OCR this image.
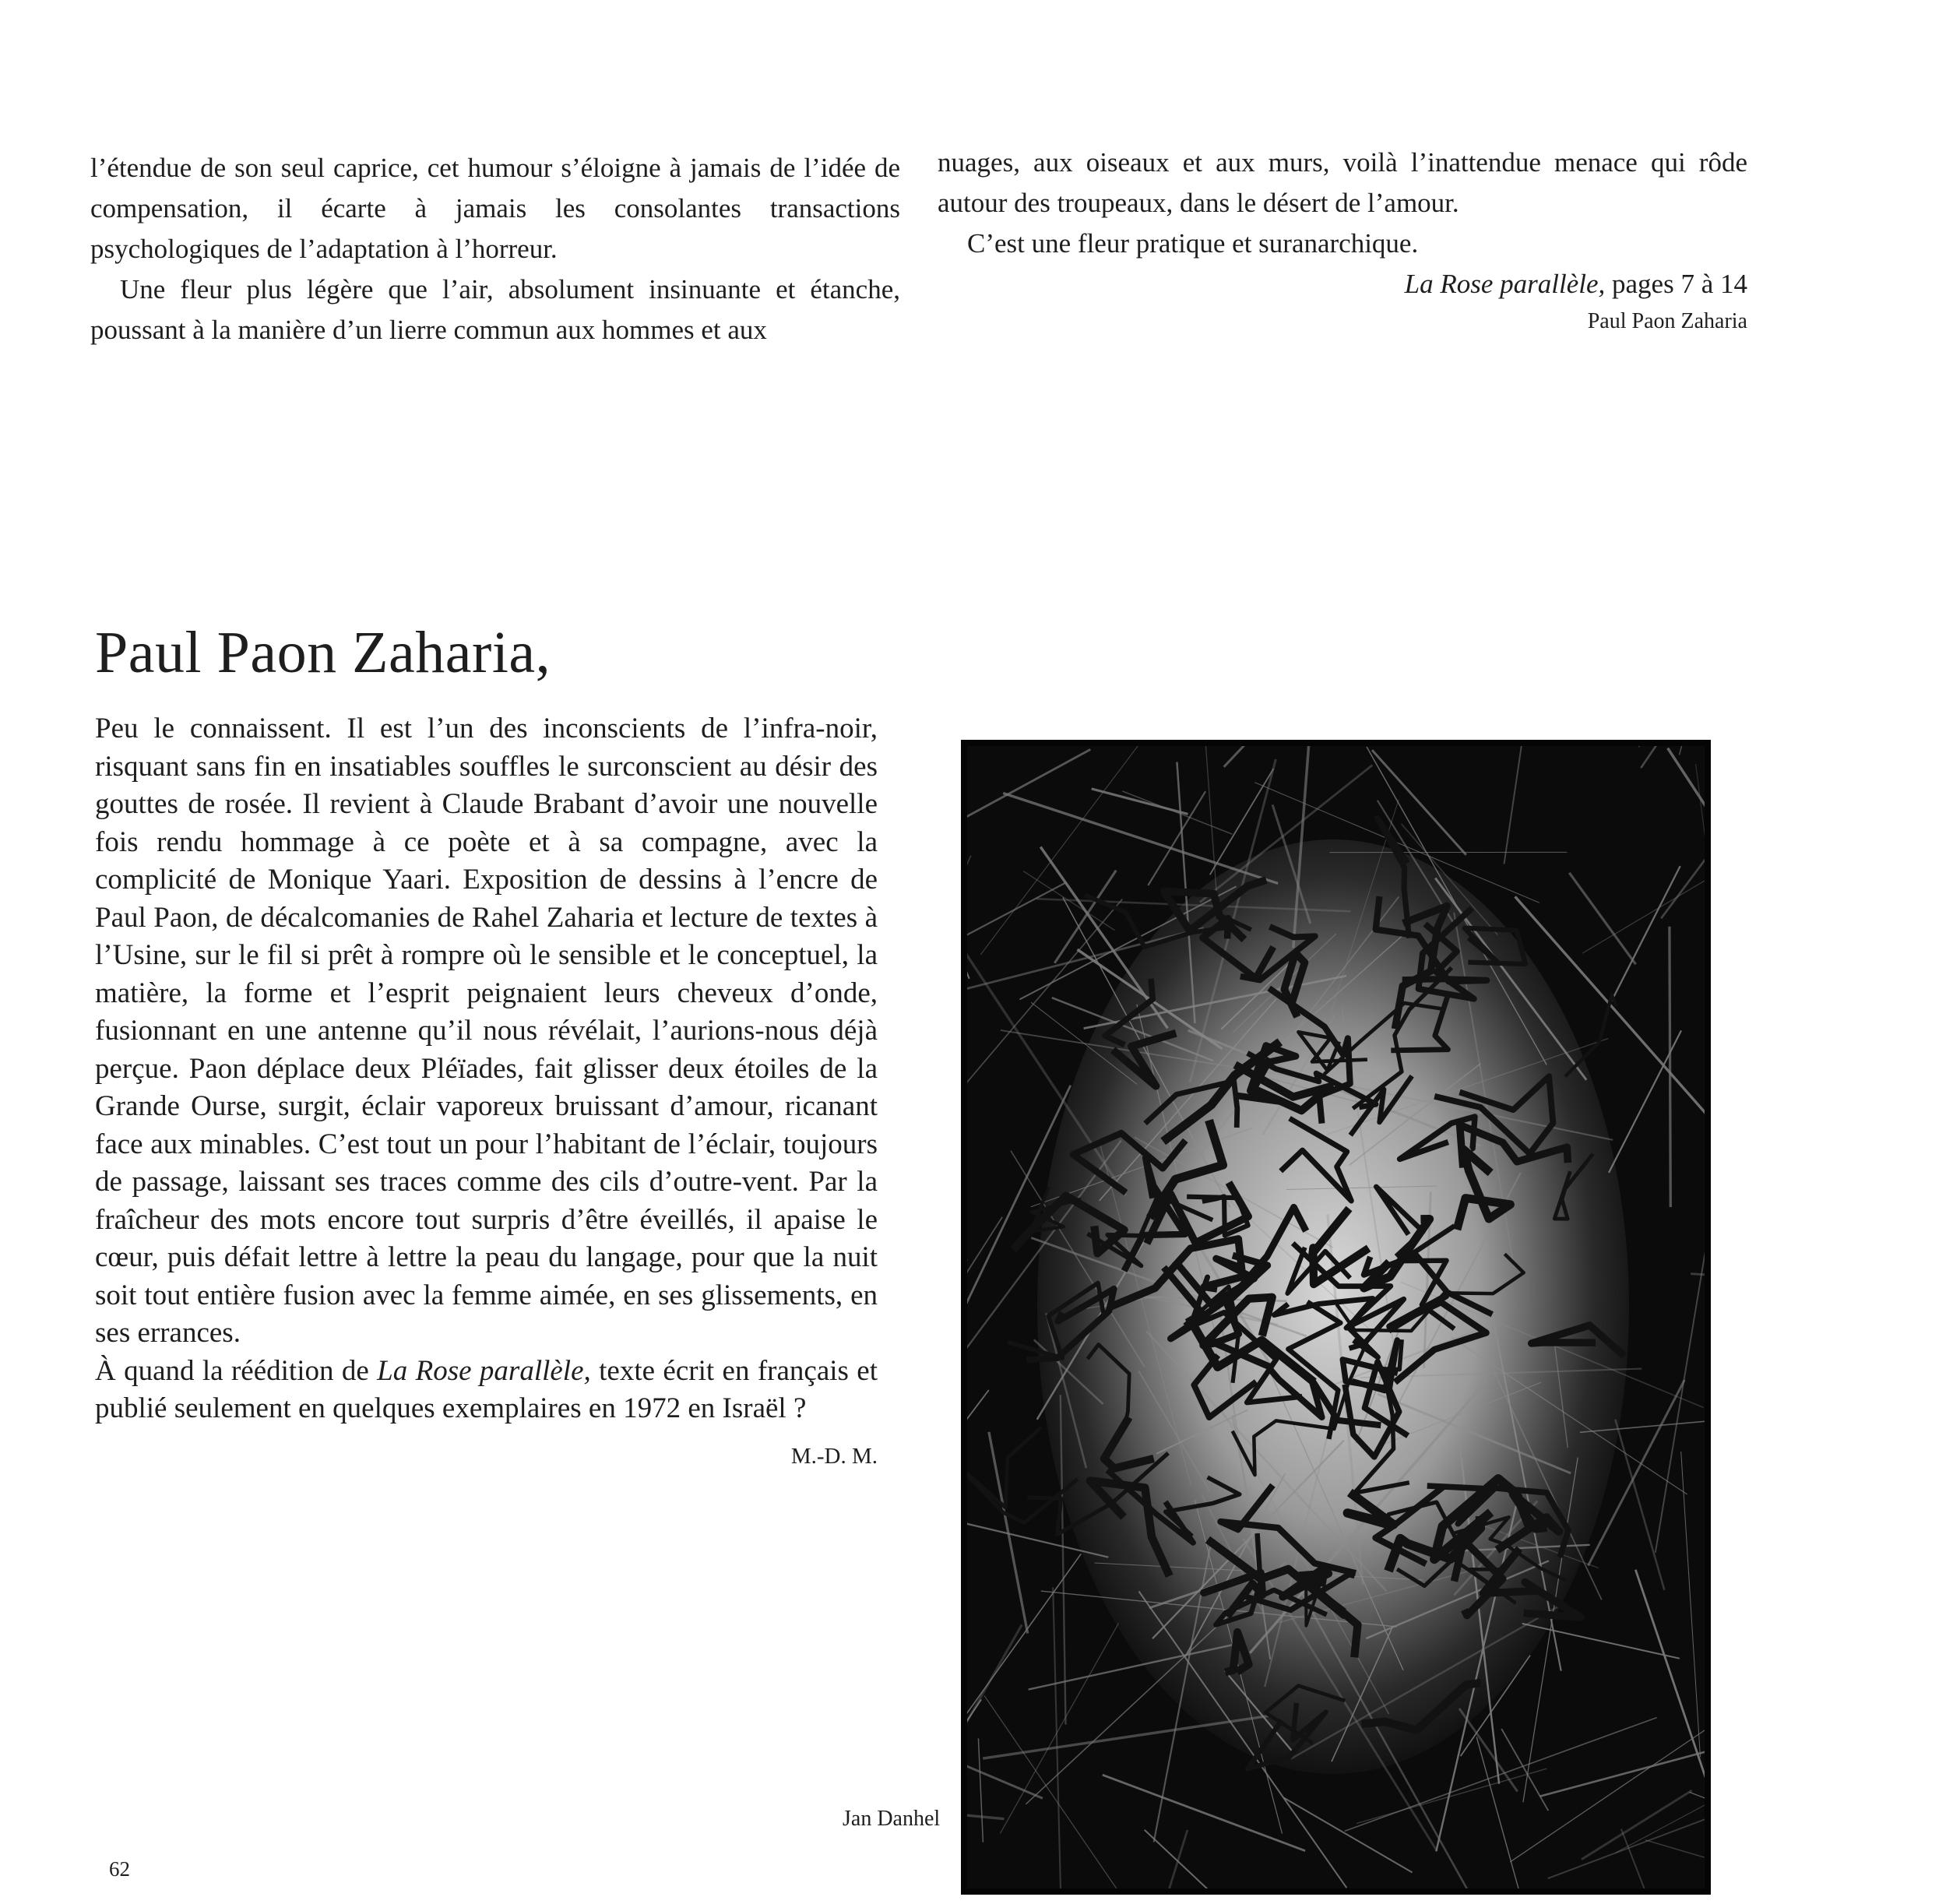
l’étendue de son seul caprice, cet humour s’éloigne à jamais de l’idée de compensation, il écarte à jamais les consolantes transactions psychologiques de l’adaptation à l’horreur.

Une fleur plus légère que l’air, absolument insinuante et étanche, poussant à la manière d’un lierre commun aux hommes et aux

nuages, aux oiseaux et aux murs, voilà l’inattendue menace qui rôde autour des troupeaux, dans le désert de l’amour.

C’est une fleur pratique et suranarchique.

La Rose parallèle, pages 7 à 14

Paul Paon Zaharia

Paul Paon Zaharia,

Peu le connaissent. Il est l’un des inconscients de l’infra-noir, risquant sans fin en insatiables souffles le surconscient au désir des gouttes de rosée. Il revient à Claude Brabant d’avoir une nouvelle fois rendu hommage à ce poète et à sa compagne, avec la complicité de Monique Yaari. Exposition de dessins à l’encre de Paul Paon, de décalcomanies de Rahel Zaharia et lecture de textes à l’Usine, sur le fil si prêt à rompre où le sensible et le conceptuel, la matière, la forme et l’esprit peignaient leurs cheveux d’onde, fusionnant en une antenne qu’il nous révélait, l’aurions-nous déjà perçue. Paon déplace deux Pléïades, fait glisser deux étoiles de la Grande Ourse, surgit, éclair vaporeux bruissant d’amour, ricanant face aux minables. C’est tout un pour l’habitant de l’éclair, toujours de passage, laissant ses traces comme des cils d’outre-vent. Par la fraîcheur des mots encore tout surpris d’être éveillés, il apaise le cœur, puis défait lettre à lettre la peau du langage, pour que la nuit soit tout entière fusion avec la femme aimée, en ses glissements, en ses errances.

À quand la réédition de La Rose parallèle, texte écrit en français et publié seulement en quelques exemplaires en 1972 en Israël ?

M.-D. M.

Jan Danhel
62
